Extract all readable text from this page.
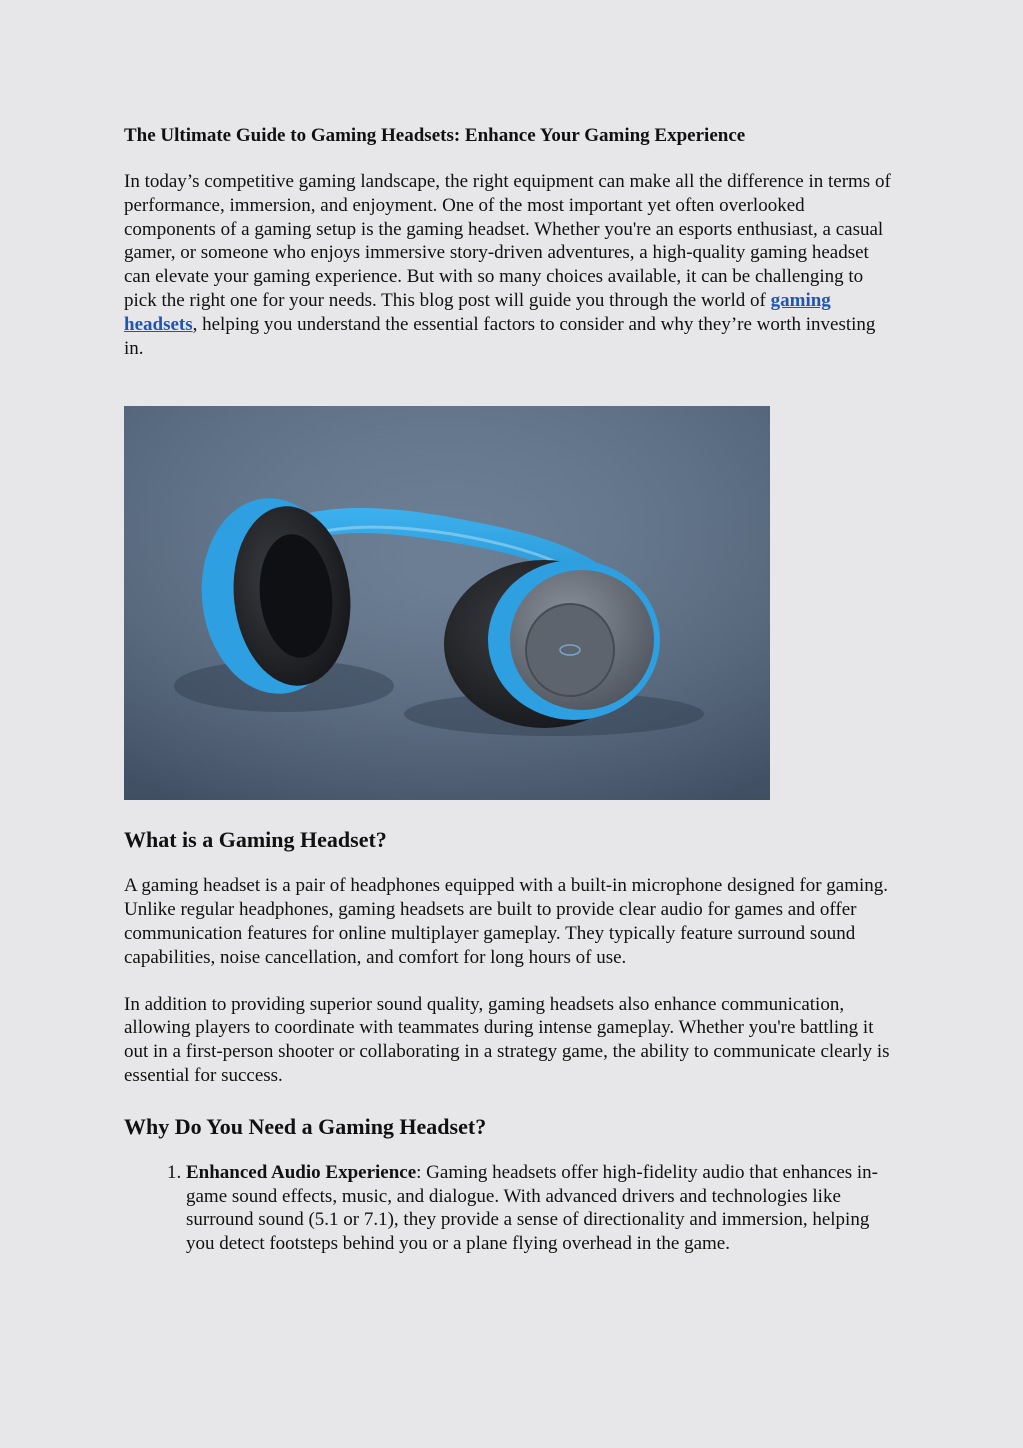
The Ultimate Guide to Gaming Headsets: Enhance Your Gaming Experience

In today’s competitive gaming landscape, the right equipment can make all the difference in terms of performance, immersion, and enjoyment. One of the most important yet often overlooked components of a gaming setup is the gaming headset. Whether you're an esports enthusiast, a casual gamer, or someone who enjoys immersive story-driven adventures, a high-quality gaming headset can elevate your gaming experience. But with so many choices available, it can be challenging to pick the right one for your needs. This blog post will guide you through the world of gaming headsets, helping you understand the essential factors to consider and why they’re worth investing in.

What is a Gaming Headset?

A gaming headset is a pair of headphones equipped with a built-in microphone designed for gaming. Unlike regular headphones, gaming headsets are built to provide clear audio for games and offer communication features for online multiplayer gameplay. They typically feature surround sound capabilities, noise cancellation, and comfort for long hours of use.

In addition to providing superior sound quality, gaming headsets also enhance communication, allowing players to coordinate with teammates during intense gameplay. Whether you're battling it out in a first-person shooter or collaborating in a strategy game, the ability to communicate clearly is essential for success.

Why Do You Need a Gaming Headset?
1. Enhanced Audio Experience: Gaming headsets offer high-fidelity audio that enhances in-game sound effects, music, and dialogue. With advanced drivers and technologies like surround sound (5.1 or 7.1), they provide a sense of directionality and immersion, helping you detect footsteps behind you or a plane flying overhead in the game.
